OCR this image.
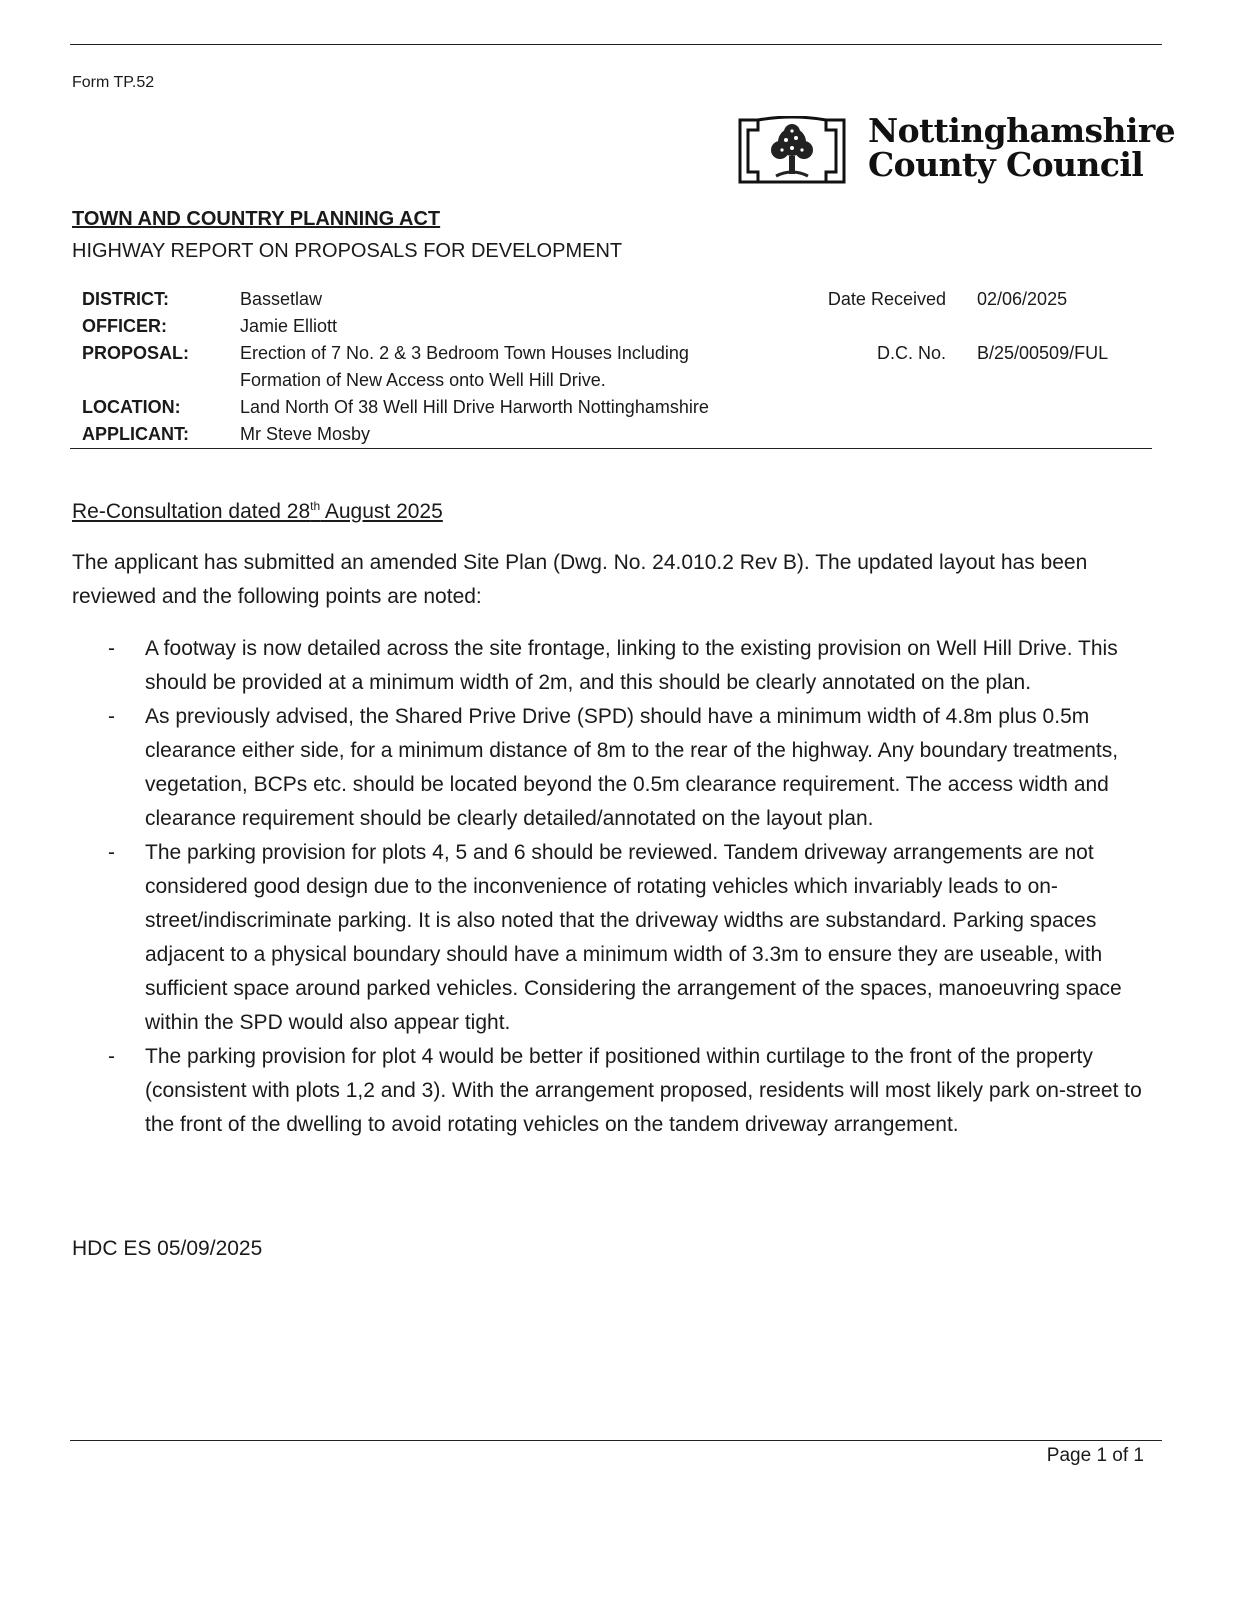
Form TP.52
Nottinghamshire
County Council
TOWN AND COUNTRY PLANNING ACT
HIGHWAY REPORT ON PROPOSALS FOR DEVELOPMENT
DISTRICT:	Bassetlaw	Date Received 02/06/2025
OFFICER:	Jamie Elliott
PROPOSAL:	Erection of 7 No. 2 & 3 Bedroom Town Houses Including	D.C. No. B/25/00509/FUL
Formation of New Access onto Well Hill Drive.
LOCATION:	Land North Of 38 Well Hill Drive Harworth Nottinghamshire
APPLICANT:	Mr Steve Mosby
Re-Consultation dated 28th August 2025
The applicant has submitted an amended Site Plan (Dwg. No. 24.010.2 Rev B). The updated layout has been reviewed and the following points are noted:
- A footway is now detailed across the site frontage, linking to the existing provision on Well Hill Drive. This should be provided at a minimum width of 2m, and this should be clearly annotated on the plan.
- As previously advised, the Shared Prive Drive (SPD) should have a minimum width of 4.8m plus 0.5m clearance either side, for a minimum distance of 8m to the rear of the highway. Any boundary treatments, vegetation, BCPs etc. should be located beyond the 0.5m clearance requirement. The access width and clearance requirement should be clearly detailed/annotated on the layout plan.
- The parking provision for plots 4, 5 and 6 should be reviewed. Tandem driveway arrangements are not considered good design due to the inconvenience of rotating vehicles which invariably leads to on-street/indiscriminate parking. It is also noted that the driveway widths are substandard. Parking spaces adjacent to a physical boundary should have a minimum width of 3.3m to ensure they are useable, with sufficient space around parked vehicles. Considering the arrangement of the spaces, manoeuvring space within the SPD would also appear tight.
- The parking provision for plot 4 would be better if positioned within curtilage to the front of the property (consistent with plots 1,2 and 3). With the arrangement proposed, residents will most likely park on-street to the front of the dwelling to avoid rotating vehicles on the tandem driveway arrangement.
HDC ES 05/09/2025
Page 1 of 1
